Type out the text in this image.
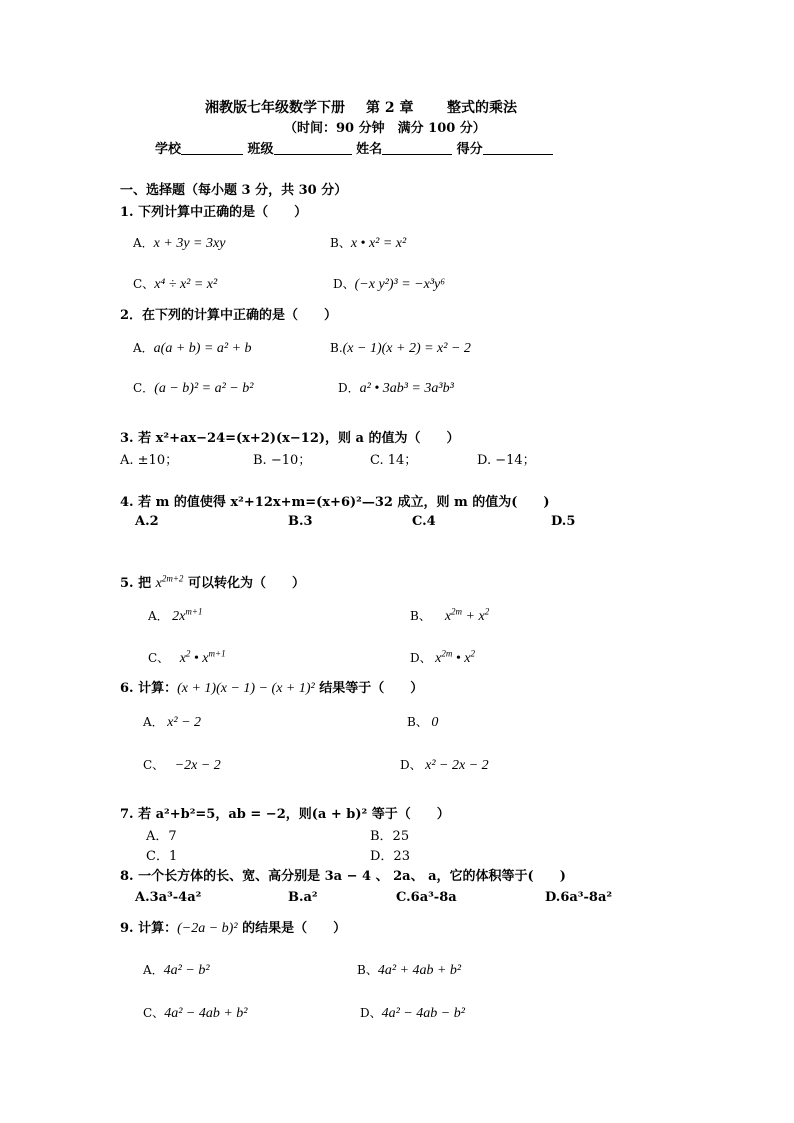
湘教版七年级数学下册 第 2 章 整式的乘法
（时间：90 分钟　满分 100 分）
学校	班级	姓名	得分
一、选择题（每小题 3 分，共 30 分）
1. 下列计算中正确的是（　　）
A．x + 3y = 3xy	B、x • x² = x²
C、x⁴ ÷ x² = x²	D、(−x y²)³ = −x³y⁶
2．在下列的计算中正确的是（　　）
A．a(a + b) = a² + b	B.(x − 1)(x + 2) = x² − 2
C．(a − b)² = a² − b²	D．a² • 3ab³ = 3a³b³
3. 若 x²+ax−24=(x+2)(x−12)，则 a 的值为（　　）
A. ±10；	B. −10；	C. 14；	D. −14；
4. 若 m 的值使得 x²+12x+m=(x+6)²—32 成立，则 m 的值为(　　)
A.2	B.3	C.4	D.5
5. 把 $x^{2m+2}$ 可以转化为（　　）
A． $2x^{m+1}$	B、    $x^{2m} + x^2$
C、   $x^2$ • $x^{m+1}$	D、 $x^{2m}$ • $x^2$
6. 计算：(x + 1)(x − 1) − (x + 1)² 结果等于（　　）
A． x² − 2	B、 0
C、 −2x − 2	D、 x² − 2x − 2
7. 若 a²+b²=5，ab = −2，则(a + b)² 等于（　　）
A．7	B．25
C．1	D．23
8. 一个长方体的长、宽、高分别是 3a − 4 、 2a、 a，它的体积等于(　　)
A.3a³-4a²	B.a²	C.6a³-8a	D.6a³-8a²
9. 计算：(−2a − b)² 的结果是（　　）
A．4a² − b²	B、4a² + 4ab + b²
C、4a² − 4ab + b²	D、4a² − 4ab − b²
